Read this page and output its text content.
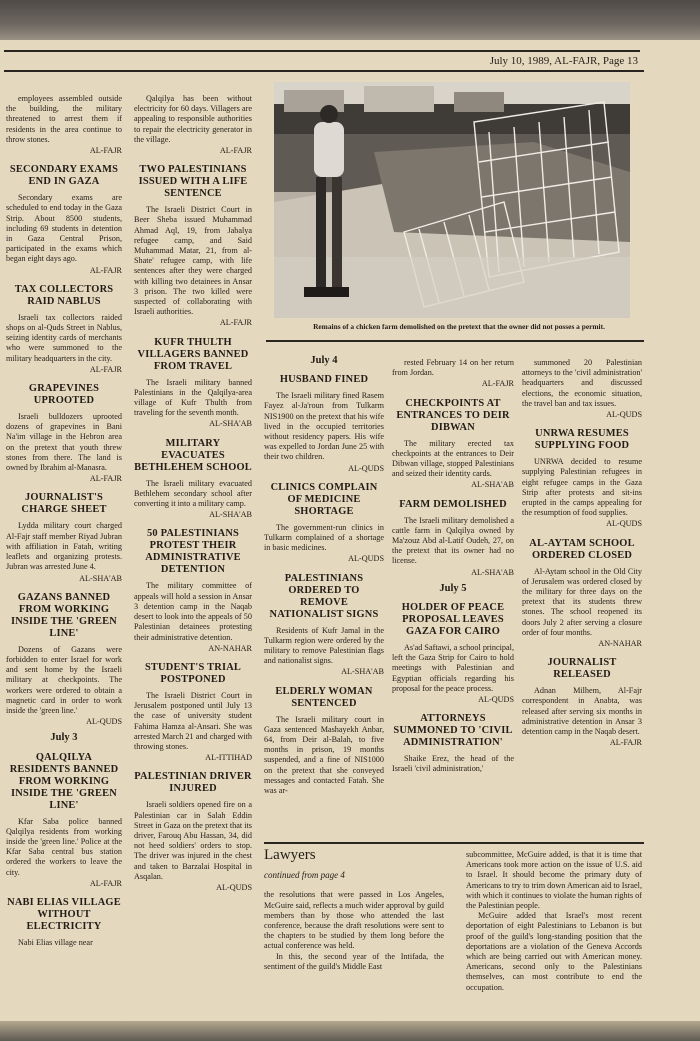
July 10, 1989, AL-FAJR, Page 13

employees assembled outside the building, the military threatened to arrest them if residents in the area continue to throw stones.

AL-FAJR
SECONDARY EXAMS END IN GAZA

Secondary exams are scheduled to end today in the Gaza Strip. About 8500 students, including 69 students in detention in Gaza Central Prison, participated in the exams which began eight days ago.

AL-FAJR
TAX COLLECTORS RAID NABLUS

Israeli tax collectors raided shops on al-Quds Street in Nablus, seizing identity cards of merchants who were summoned to the military headquarters in the city.

AL-FAJR
GRAPEVINES UPROOTED

Israeli bulldozers uprooted dozens of grapevines in Bani Na'im village in the Hebron area on the pretext that youth threw stones from there. The land is owned by Ibrahim al-Manasra.

AL-FAJR
JOURNALIST'S CHARGE SHEET

Lydda military court charged Al-Fajr staff member Riyad Jubran with affiliation in Fatah, writing leaflets and organizing protests. Jubran was arrested June 4.

AL-SHA'AB
GAZANS BANNED FROM WORKING INSIDE THE 'GREEN LINE'

Dozens of Gazans were forbidden to enter Israel for work and sent home by the Israeli military at checkpoints. The workers were ordered to obtain a magnetic card in order to work inside the 'green line.'

AL-QUDS
July 3
QALQILYA RESIDENTS BANNED FROM WORKING INSIDE THE 'GREEN LINE'

Kfar Saba police banned Qalqilya residents from working inside the 'green line.' Police at the Kfar Saba central bus station ordered the workers to leave the city.

AL-FAJR
NABI ELIAS VILLAGE WITHOUT ELECTRICITY

Nabi Elias village near

Qalqilya has been without electricity for 60 days. Villagers are appealing to responsible authorities to repair the electricity generator in the village.

AL-FAJR
TWO PALESTINIANS ISSUED WITH A LIFE SENTENCE

The Israeli District Court in Beer Sheba issued Muhammad Ahmad Aql, 19, from Jabalya refugee camp, and Said Muhammad Matar, 21, from al-Shate' refugee camp, with life sentences after they were charged with killing two detainees in Ansar 3 prison. The two killed were suspected of collaborating with Israeli authorities.

AL-FAJR
KUFR THULTH VILLAGERS BANNED FROM TRAVEL

The Israeli military banned Palestinians in the Qalqilya-area village of Kufr Thulth from traveling for the seventh month.

AL-SHA'AB
MILITARY EVACUATES BETHLEHEM SCHOOL

The Israeli military evacuated Bethlehem secondary school after converting it into a military camp.

AL-SHA'AB
50 PALESTINIANS PROTEST THEIR ADMINISTRATIVE DETENTION

The military committee of appeals will hold a session in Ansar 3 detention camp in the Naqab desert to look into the appeals of 50 Palestinian detainees protesting their administrative detention.

AN-NAHAR
STUDENT'S TRIAL POSTPONED

The Israeli District Court in Jerusalem postponed until July 13 the case of university student Fahima Hamza al-Ansari. She was arrested March 21 and charged with throwing stones.

AL-ITTIHAD
PALESTINIAN DRIVER INJURED

Israeli soldiers opened fire on a Palestinian car in Salah Eddin Street in Gaza on the pretext that its driver, Farouq Abu Hassan, 34, did not heed soldiers' orders to stop. The driver was injured in the chest and taken to Barzalai Hospital in Asqalan.

AL-QUDS
Remains of a chicken farm demolished on the pretext that the owner did not posses a permit.
July 4
HUSBAND FINED

The Israeli military fined Rasem Fayez al-Ja'roun from Tulkarm NIS1900 on the pretext that his wife lived in the occupied territories without residency papers. His wife was expelled to Jordan June 25 with their two children.

AL-QUDS
CLINICS COMPLAIN OF MEDICINE SHORTAGE

The government-run clinics in Tulkarm complained of a shortage in basic medicines.

AL-QUDS
PALESTINIANS ORDERED TO REMOVE NATIONALIST SIGNS

Residents of Kufr Jamal in the Tulkarm region were ordered by the military to remove Palestinian flags and nationalist signs.

AL-SHA'AB
ELDERLY WOMAN SENTENCED

The Israeli military court in Gaza sentenced Mashayekh Anbar, 64, from Deir al-Balah, to five months in prison, 19 months suspended, and a fine of NIS1000 on the pretext that she conveyed messages and contacted Fatah. She was ar-

rested February 14 on her return from Jordan.

AL-FAJR
CHECKPOINTS AT ENTRANCES TO DEIR DIBWAN

The military erected tax checkpoints at the entrances to Deir Dibwan village, stopped Palestinians and seized their identity cards.

AL-SHA'AB
FARM DEMOLISHED

The Israeli military demolished a cattle farm in Qalqilya owned by Ma'zouz Abd al-Latif Oudeh, 27, on the pretext that its owner had no license.

AL-SHA'AB
July 5
HOLDER OF PEACE PROPOSAL LEAVES GAZA FOR CAIRO

As'ad Saftawi, a school principal, left the Gaza Strip for Cairo to hold meetings with Palestinian and Egyptian officials regarding his proposal for the peace process.

AL-QUDS
ATTORNEYS SUMMONED TO 'CIVIL ADMINISTRATION'

Shaike Erez, the head of the Israeli 'civil administration,'

summoned 20 Palestinian attorneys to the 'civil administration' headquarters and discussed elections, the economic situation, the travel ban and tax issues.

AL-QUDS
UNRWA RESUMES SUPPLYING FOOD

UNRWA decided to resume supplying Palestinian refugees in eight refugee camps in the Gaza Strip after protests and sit-ins erupted in the camps appealing for the resumption of food supplies.

AL-QUDS
AL-AYTAM SCHOOL ORDERED CLOSED

Al-Aytam school in the Old City of Jerusalem was ordered closed by the military for three days on the pretext that its students threw stones. The school reopened its doors July 2 after serving a closure order of four months.

AN-NAHAR
JOURNALIST RELEASED

Adnan Milhem, Al-Fajr correspondent in Anabta, was released after serving six months in administrative detention in Ansar 3 detention camp in the Naqab desert.

AL-FAJR
Lawyers
continued from page 4

the resolutions that were passed in Los Angeles, McGuire said, reflects a much wider approval by guild members than by those who attended the last conference, because the draft resolutions were sent to the chapters to be studied by them long before the actual conference was held.

In this, the second year of the Intifada, the sentiment of the guild's Middle East

subcommittee, McGuire added, is that it is time that Americans took more action on the issue of U.S. aid to Israel. It should become the primary duty of Americans to try to trim down American aid to Israel, with which it continues to violate the human rights of the Palestinian people.

McGuire added that Israel's most recent deportation of eight Palestinians to Lebanon is but proof of the guild's long-standing position that the deportations are a violation of the Geneva Accords which are being carried out with American money. Americans, second only to the Palestinians themselves, can most contribute to end the occupation.
